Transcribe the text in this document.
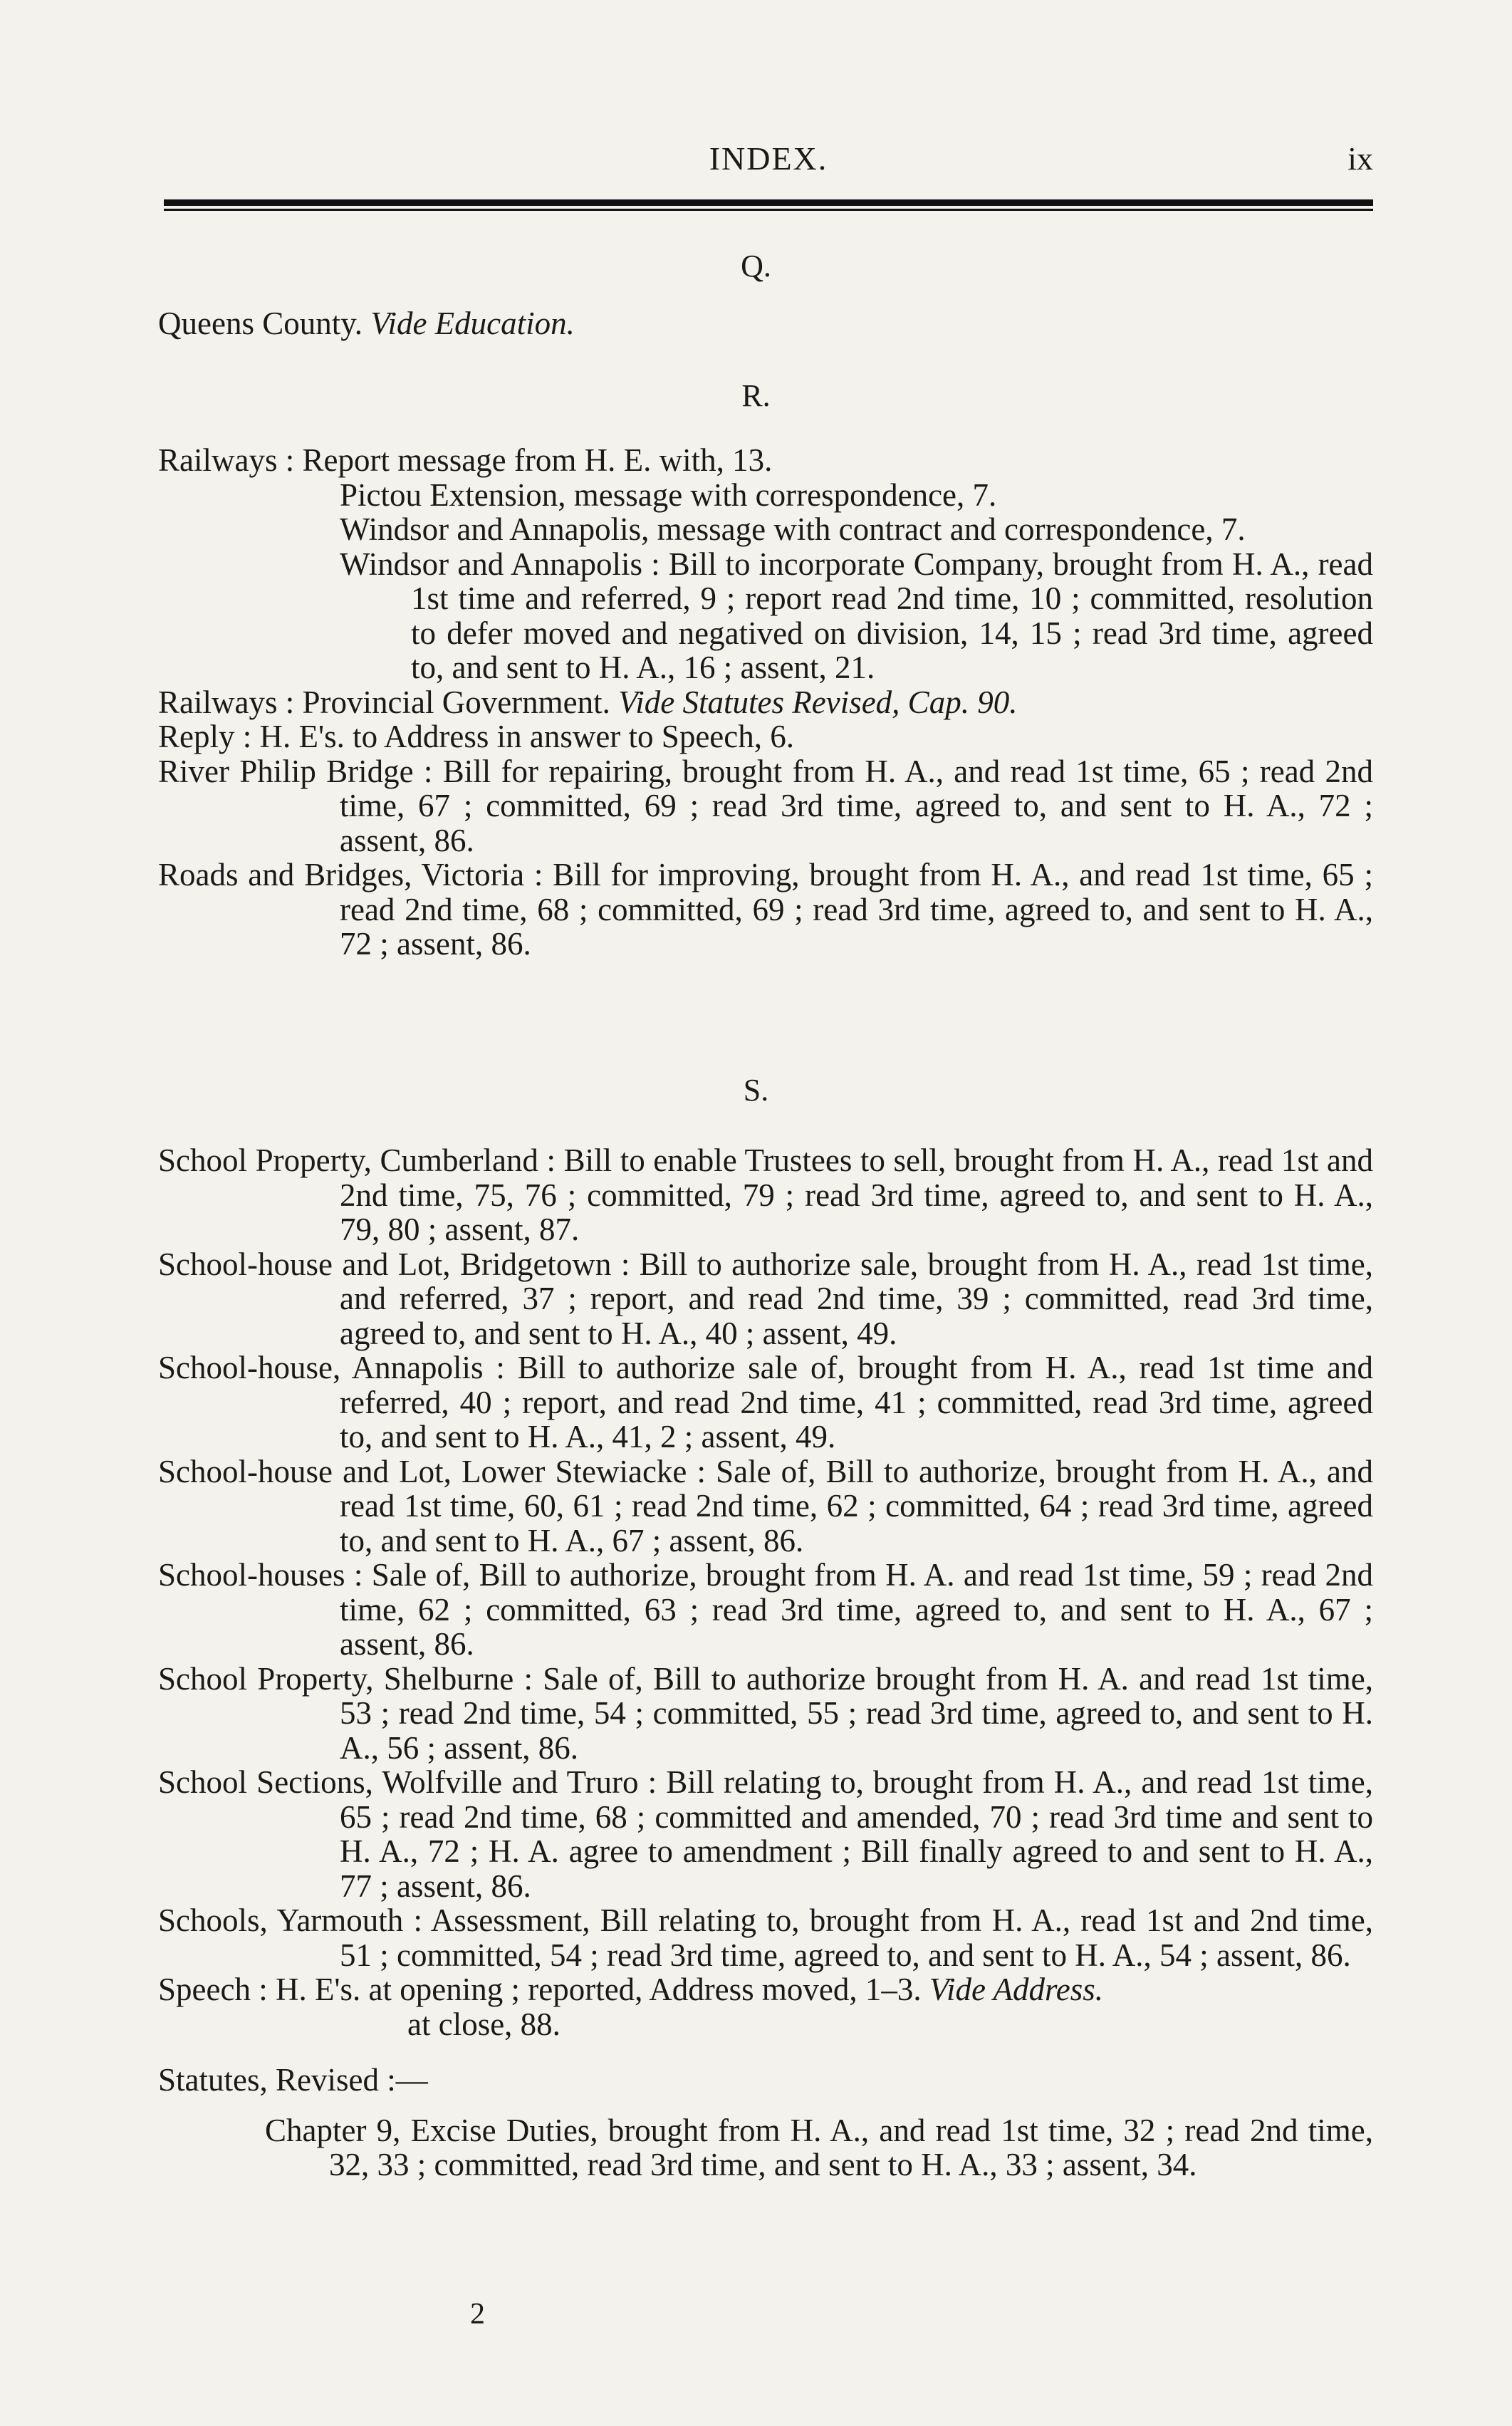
INDEX.	ix
Q.
Queens County. Vide Education.
R.

Railways : Report message from H. E. with, 13.

Pictou Extension, message with correspondence, 7.

Windsor and Annapolis, message with contract and correspondence, 7.

Windsor and Annapolis : Bill to incorporate Company, brought from H. A., read 1st time and referred, 9 ; report read 2nd time, 10 ; committed, resolution to defer moved and negatived on division, 14, 15 ; read 3rd time, agreed to, and sent to H. A., 16 ; assent, 21.

Railways : Provincial Government. Vide Statutes Revised, Cap. 90.

Reply : H. E's. to Address in answer to Speech, 6.

River Philip Bridge : Bill for repairing, brought from H. A., and read 1st time, 65 ; read 2nd time, 67 ; committed, 69 ; read 3rd time, agreed to, and sent to H. A., 72 ; assent, 86.

Roads and Bridges, Victoria : Bill for improving, brought from H. A., and read 1st time, 65 ; read 2nd time, 68 ; committed, 69 ; read 3rd time, agreed to, and sent to H. A., 72 ; assent, 86.

S.

School Property, Cumberland : Bill to enable Trustees to sell, brought from H. A., read 1st and 2nd time, 75, 76 ; committed, 79 ; read 3rd time, agreed to, and sent to H. A., 79, 80 ; assent, 87.

School-house and Lot, Bridgetown : Bill to authorize sale, brought from H. A., read 1st time, and referred, 37 ; report, and read 2nd time, 39 ; committed, read 3rd time, agreed to, and sent to H. A., 40 ; assent, 49.

School-house, Annapolis : Bill to authorize sale of, brought from H. A., read 1st time and referred, 40 ; report, and read 2nd time, 41 ; committed, read 3rd time, agreed to, and sent to H. A., 41, 2 ; assent, 49.

School-house and Lot, Lower Stewiacke : Sale of, Bill to authorize, brought from H. A., and read 1st time, 60, 61 ; read 2nd time, 62 ; committed, 64 ; read 3rd time, agreed to, and sent to H. A., 67 ; assent, 86.

School-houses : Sale of, Bill to authorize, brought from H. A. and read 1st time, 59 ; read 2nd time, 62 ; committed, 63 ; read 3rd time, agreed to, and sent to H. A., 67 ; assent, 86.

School Property, Shelburne : Sale of, Bill to authorize brought from H. A. and read 1st time, 53 ; read 2nd time, 54 ; committed, 55 ; read 3rd time, agreed to, and sent to H. A., 56 ; assent, 86.

School Sections, Wolfville and Truro : Bill relating to, brought from H. A., and read 1st time, 65 ; read 2nd time, 68 ; committed and amended, 70 ; read 3rd time and sent to H. A., 72 ; H. A. agree to amendment ; Bill finally agreed to and sent to H. A., 77 ; assent, 86.

Schools, Yarmouth : Assessment, Bill relating to, brought from H. A., read 1st and 2nd time, 51 ; committed, 54 ; read 3rd time, agreed to, and sent to H. A., 54 ; assent, 86.

Speech : H. E's. at opening ; reported, Address moved, 1–3. Vide Address.

at close, 88.

Statutes, Revised :—

Chapter 9, Excise Duties, brought from H. A., and read 1st time, 32 ; read 2nd time, 32, 33 ; committed, read 3rd time, and sent to H. A., 33 ; assent, 34.

2
